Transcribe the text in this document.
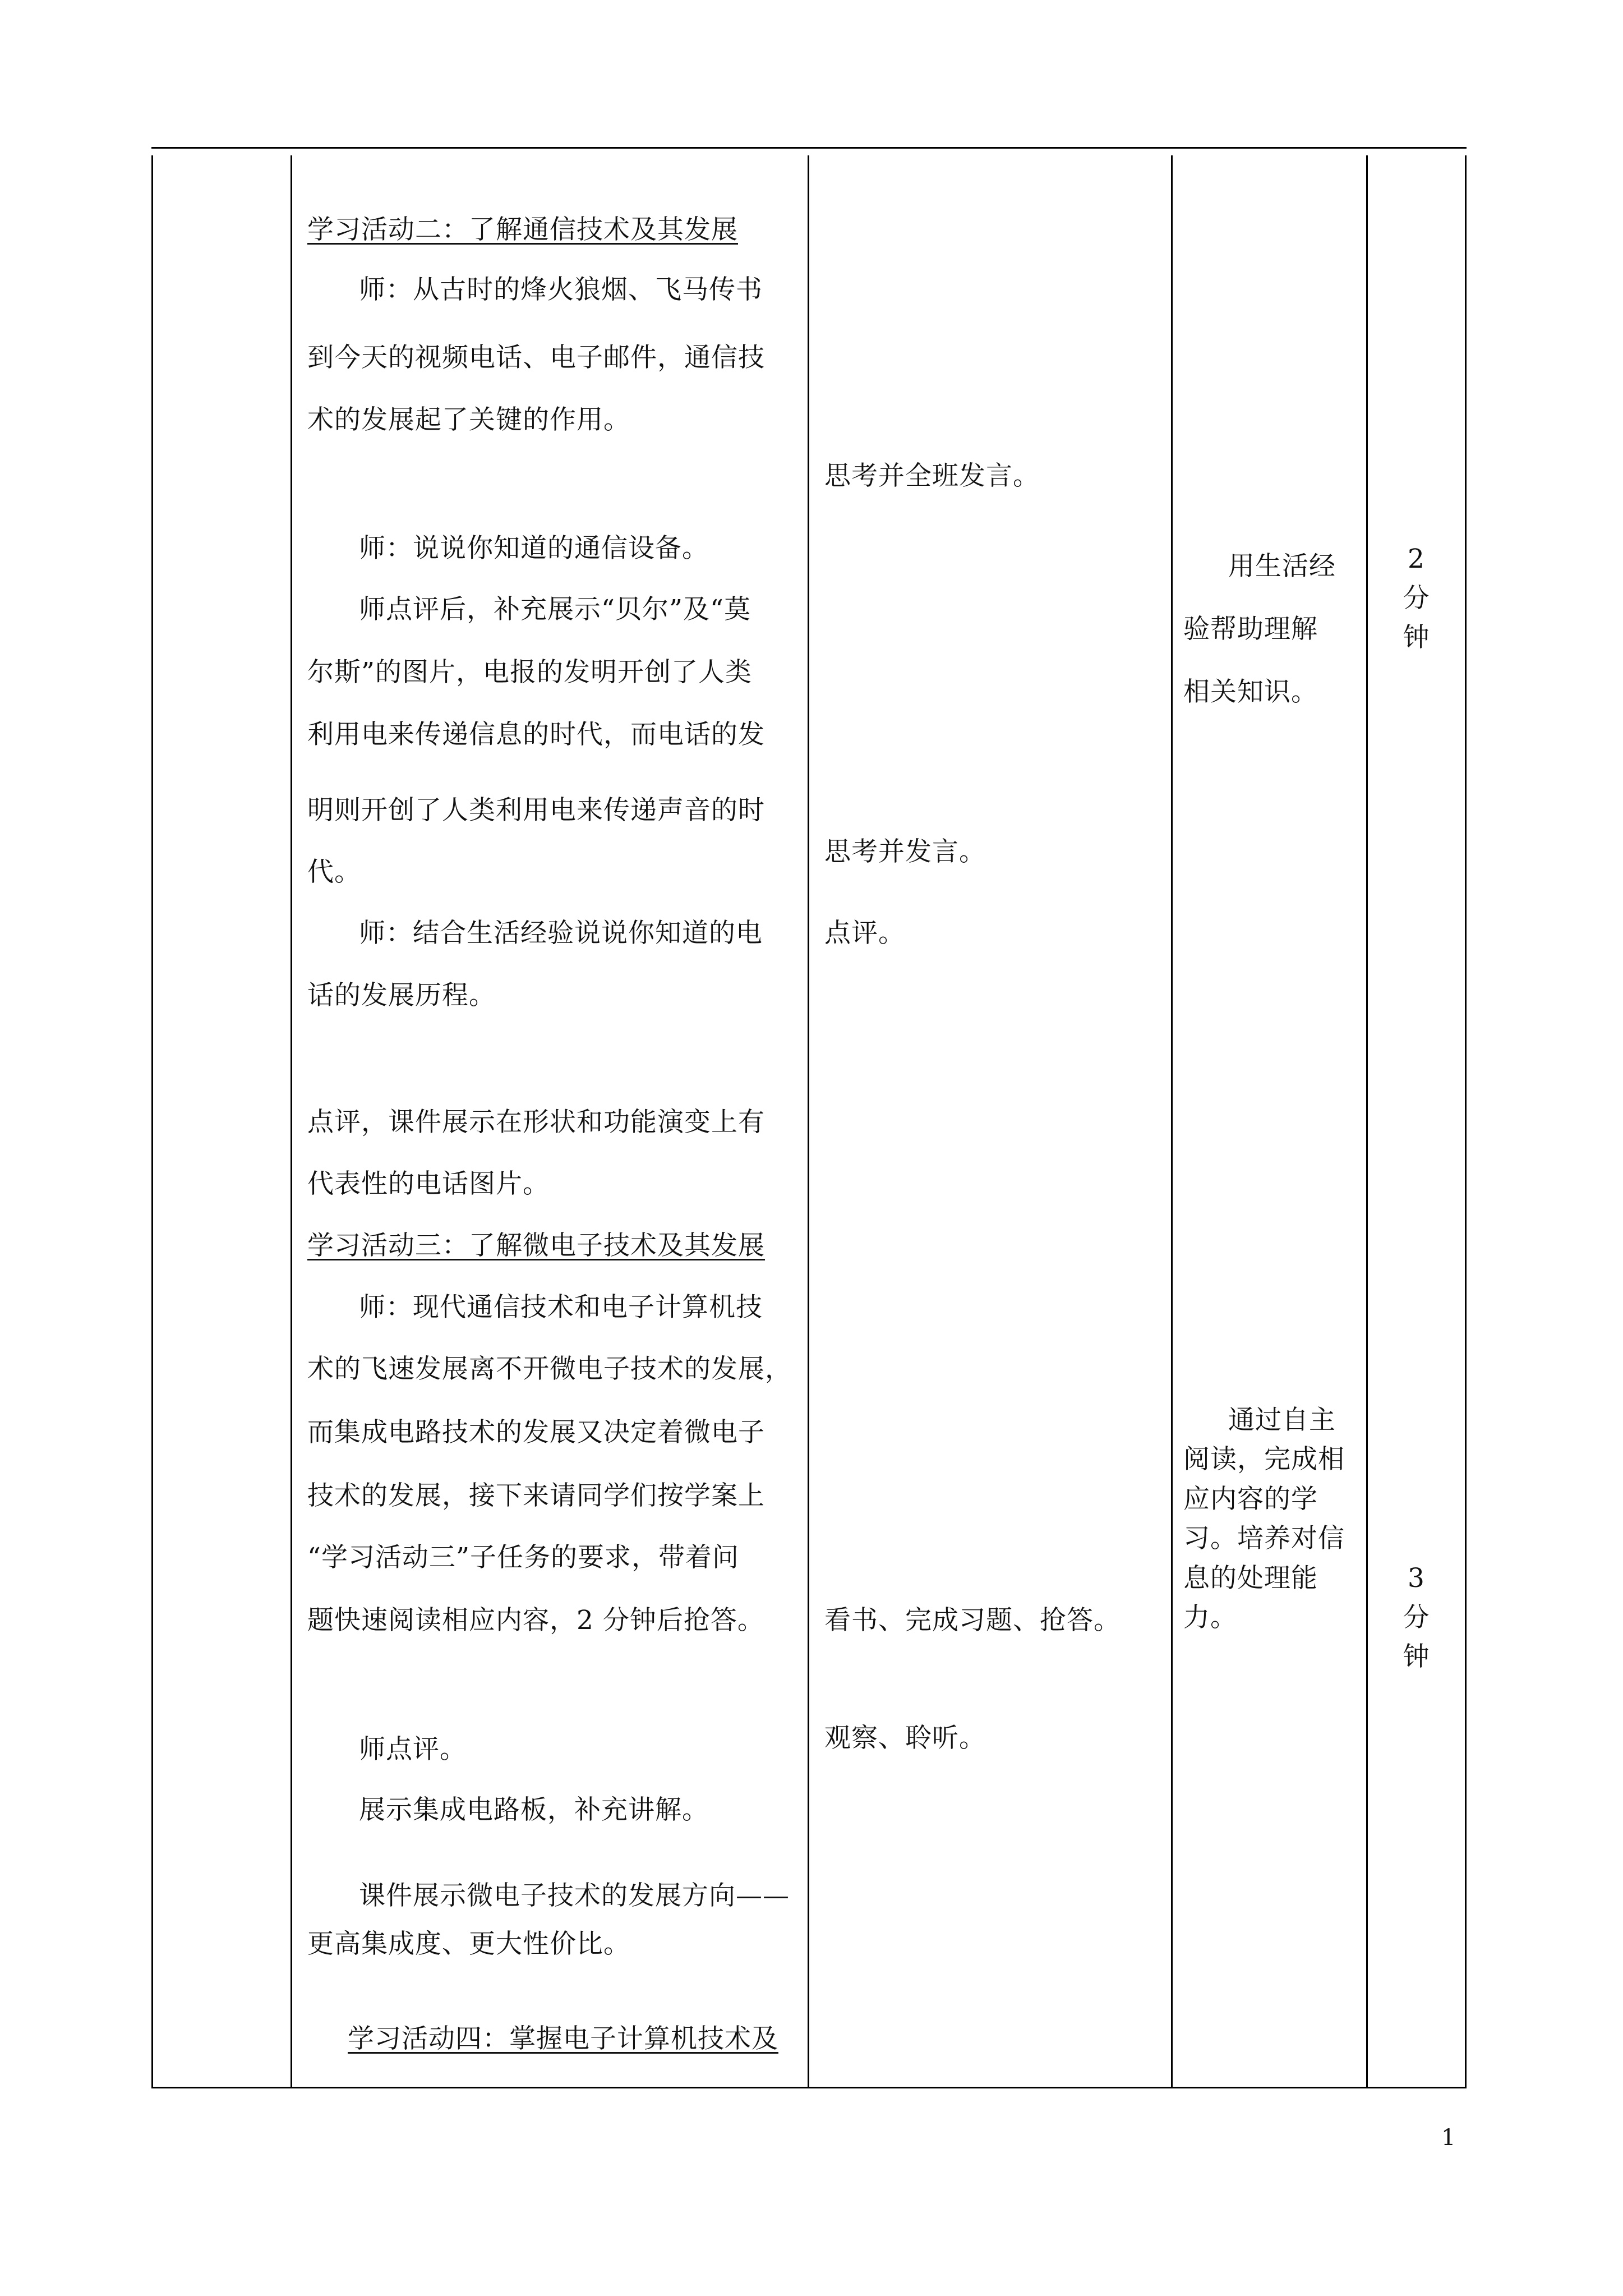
学习活动二：了解通信技术及其发展
师：从古时的烽火狼烟、飞马传书
到今天的视频电话、电子邮件，通信技
术的发展起了关键的作用。
师：说说你知道的通信设备。
师点评后，补充展示“贝尔”及“莫
尔斯”的图片，电报的发明开创了人类
利用电来传递信息的时代，而电话的发
明则开创了人类利用电来传递声音的时
代。
师：结合生活经验说说你知道的电
话的发展历程。
点评，课件展示在形状和功能演变上有
代表性的电话图片。
学习活动三：了解微电子技术及其发展
师：现代通信技术和电子计算机技
术的飞速发展离不开微电子技术的发展，
而集成电路技术的发展又决定着微电子
技术的发展，接下来请同学们按学案上
“学习活动三”子任务的要求，带着问
题快速阅读相应内容，2 分钟后抢答。
师点评。
展示集成电路板，补充讲解。
课件展示微电子技术的发展方向——
更高集成度、更大性价比。
学习活动四：掌握电子计算机技术及
思考并全班发言。
思考并发言。
点评。
看书、完成习题、抢答。
观察、聆听。
用生活经
验帮助理解
相关知识。
通过自主
阅读，完成相
应内容的学
习。培养对信
息的处理能
力。
2
分
钟
3
分
钟
1
